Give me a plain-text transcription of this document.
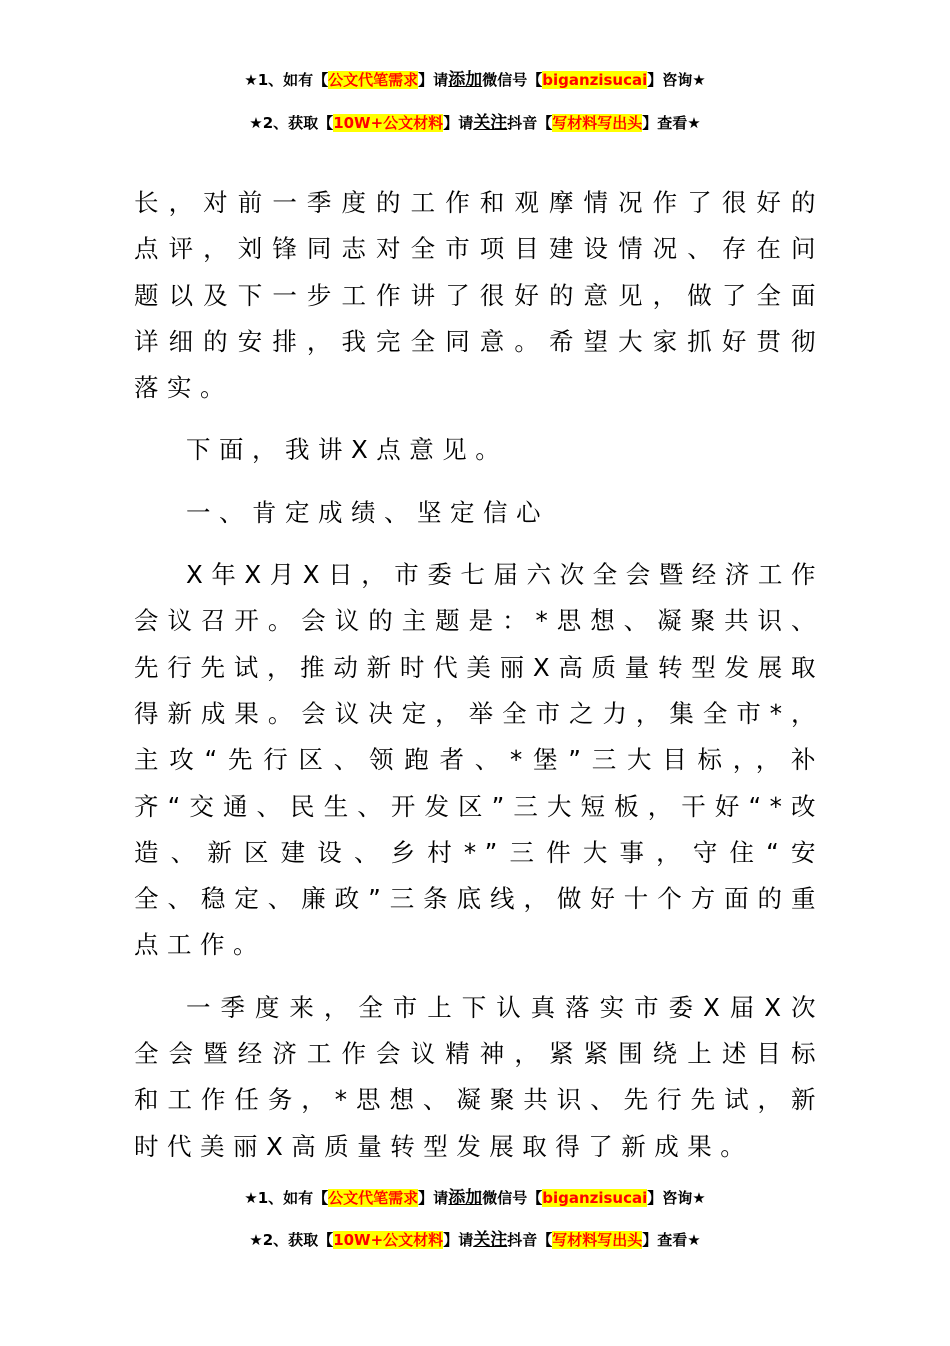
★1、如有【公文代笔需求】请添加微信号【biganzisucai】咨询★
★2、获取【10W+公文材料】请关注抖音【写材料写出头】查看★

长，对前一季度的工作和观摩情况作了很好的点评，刘锋同志对全市项目建设情况、存在问题以及下一步工作讲了很好的意见，做了全面详细的安排，我完全同意。希望大家抓好贯彻落实。

下面，我讲X点意见。

一、肯定成绩、坚定信心

X年X月X日，市委七届六次全会暨经济工作会议召开。会议的主题是：*思想、凝聚共识、先行先试，推动新时代美丽X高质量转型发展取得新成果。会议决定，举全市之力，集全市*，主攻“先行区、领跑者、*堡”三大目标，，补齐“交通、民生、开发区”三大短板，干好“*改造、新区建设、乡村*”三件大事，守住“安全、稳定、廉政”三条底线，做好十个方面的重点工作。

一季度来，全市上下认真落实市委X届X次全会暨经济工作会议精神，紧紧围绕上述目标和工作任务，*思想、凝聚共识、先行先试，新时代美丽X高质量转型发展取得了新成果。

★1、如有【公文代笔需求】请添加微信号【biganzisucai】咨询★
★2、获取【10W+公文材料】请关注抖音【写材料写出头】查看★
